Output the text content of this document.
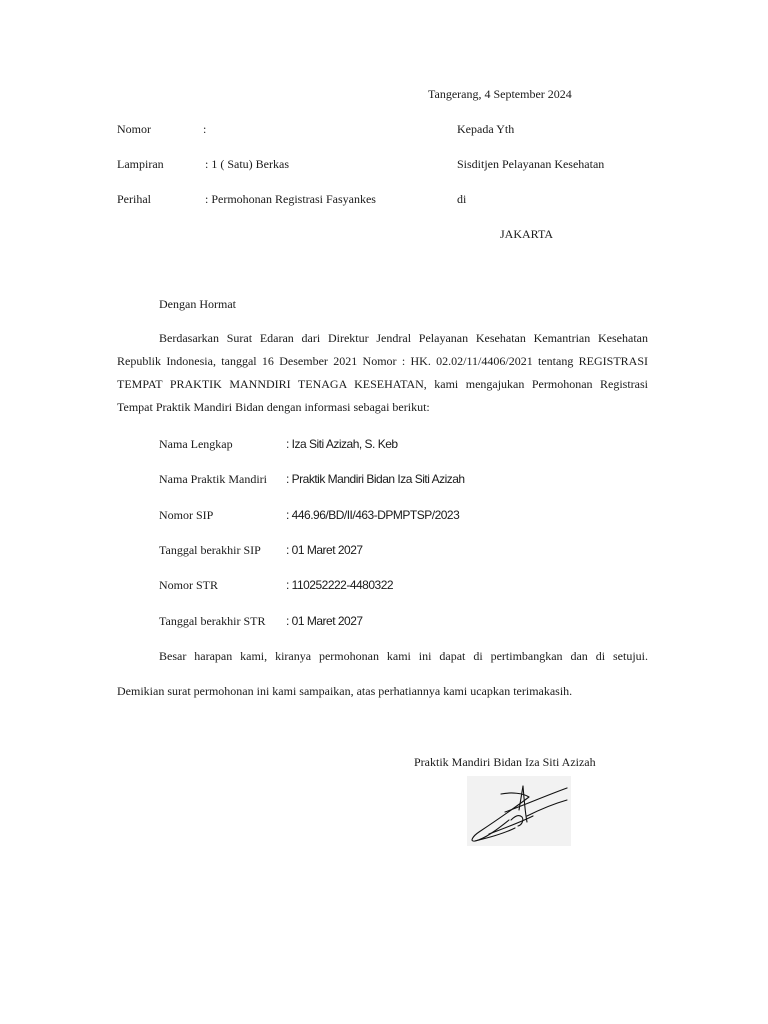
Tangerang, 4 September 2024
Nomor	:
Lampiran	: 1 ( Satu) Berkas
Perihal	: Permohonan Registrasi Fasyankes
Kepada Yth
Sisditjen Pelayanan Kesehatan
di
JAKARTA
Dengan Hormat
Berdasarkan Surat Edaran dari Direktur Jendral Pelayanan Kesehatan Kemantrian Kesehatan Republik Indonesia, tanggal 16 Desember 2021 Nomor : HK. 02.02/11/4406/2021 tentang REGISTRASI TEMPAT PRAKTIK MANNDIRI TENAGA KESEHATAN, kami mengajukan Permohonan Registrasi Tempat Praktik Mandiri Bidan dengan informasi sebagai berikut:
Nama Lengkap	: Iza Siti Azizah, S. Keb
Nama Praktik Mandiri : Praktik Mandiri Bidan Iza Siti Azizah
Nomor SIP	: 446.96/BD/II/463-DPMPTSP/2023
Tanggal berakhir SIP : 01 Maret 2027
Nomor STR	: 110252222-4480322
Tanggal berakhir STR : 01 Maret 2027
Besar harapan kami, kiranya permohonan kami ini dapat di pertimbangkan dan di setujui.
Demikian surat permohonan ini kami sampaikan, atas perhatiannya kami ucapkan terimakasih.
Praktik Mandiri Bidan Iza Siti Azizah
